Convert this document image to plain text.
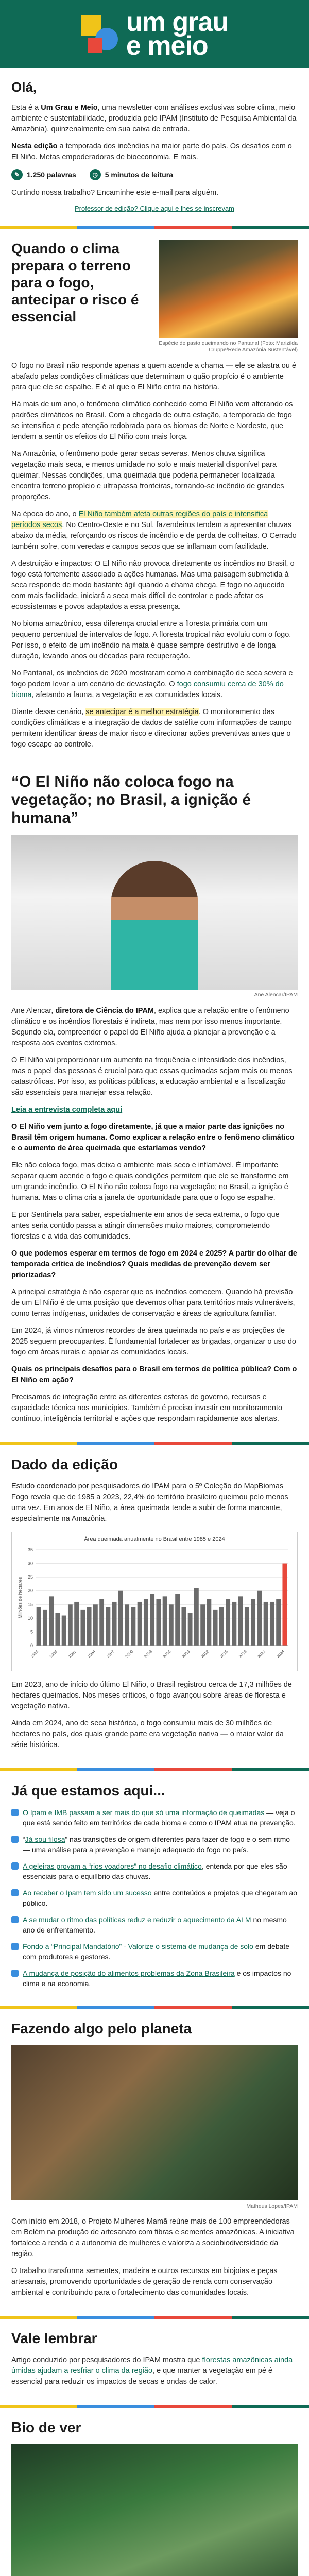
um grau
e meio
Olá,

Esta é a Um Grau e Meio, uma newsletter com análises exclusivas sobre clima, meio ambiente e sustentabilidade, produzida pelo IPAM (Instituto de Pesquisa Ambiental da Amazônia), quinzenalmente em sua caixa de entrada.

Nesta edição a temporada dos incêndios na maior parte do país. Os desafios com o El Niño. Metas empoderadoras de bioeconomia. E mais.

✎ 1.250 palavras	◷ 5 minutos de leitura

Curtindo nossa trabalho? Encaminhe este e-mail para alguém.

Professor de edição? Clique aqui e lhes se inscrevam
Quando o clima prepara o terreno para o fogo, antecipar o risco é essencial
Espécie de pasto queimando no Pantanal (Foto: Marizilda Cruppe/Rede Amazônia Sustentável)

O fogo no Brasil não responde apenas a quem acende a chama — ele se alastra ou é abafado pelas condições climáticas que determinam o quão propício é o ambiente para que ele se espalhe. E é aí que o El Niño entra na história.

Há mais de um ano, o fenômeno climático conhecido como El Niño vem alterando os padrões climáticos no Brasil. Com a chegada de outra estação, a temporada de fogo se intensifica e pede atenção redobrada para os biomas de Norte e Nordeste, que tendem a sentir os efeitos do El Niño com mais força.

Na Amazônia, o fenômeno pode gerar secas severas. Menos chuva significa vegetação mais seca, e menos umidade no solo e mais material disponível para queimar. Nessas condições, uma queimada que poderia permanecer localizada encontra terreno propício e ultrapassa fronteiras, tornando-se incêndio de grandes proporções.

Na época do ano, o El Niño também afeta outras regiões do país e intensifica períodos secos. No Centro-Oeste e no Sul, fazendeiros tendem a apresentar chuvas abaixo da média, reforçando os riscos de incêndio e de perda de colheitas. O Cerrado também sofre, com veredas e campos secos que se inflamam com facilidade.

A destruição e impactos: O El Niño não provoca diretamente os incêndios no Brasil, o fogo está fortemente associado a ações humanas. Mas uma paisagem submetida à seca responde de modo bastante ágil quando a chama chega. E fogo no aquecido com mais facilidade, iniciará a seca mais difícil de controlar e pode afetar os ecossistemas e povos adaptados a essa presença.

No bioma amazônico, essa diferença crucial entre a floresta primária com um pequeno percentual de intervalos de fogo. A floresta tropical não evoluiu com o fogo. Por isso, o efeito de um incêndio na mata é quase sempre destrutivo e de longa duração, levando anos ou décadas para recuperação.

No Pantanal, os incêndios de 2020 mostraram como a combinação de seca severa e fogo podem levar a um cenário de devastação. O fogo consumiu cerca de 30% do bioma, afetando a fauna, a vegetação e as comunidades locais.

Diante desse cenário, se antecipar é a melhor estratégia. O monitoramento das condições climáticas e a integração de dados de satélite com informações de campo permitem identificar áreas de maior risco e direcionar ações preventivas antes que o fogo escape ao controle.

“O El Niño não coloca fogo na vegetação; no Brasil, a ignição é humana”
Ane Alencar/IPAM

Ane Alencar, diretora de Ciência do IPAM, explica que a relação entre o fenômeno climático e os incêndios florestais é indireta, mas nem por isso menos importante. Segundo ela, compreender o papel do El Niño ajuda a planejar a prevenção e a resposta aos eventos extremos.

O El Niño vai proporcionar um aumento na frequência e intensidade dos incêndios, mas o papel das pessoas é crucial para que essas queimadas sejam mais ou menos catastróficas. Por isso, as políticas públicas, a educação ambiental e a fiscalização são essenciais para manejar essa relação.

Leia a entrevista completa aqui

O El Niño vem junto a fogo diretamente, já que a maior parte das ignições no Brasil têm origem humana. Como explicar a relação entre o fenômeno climático e o aumento de área queimada que estaríamos vendo?

Ele não coloca fogo, mas deixa o ambiente mais seco e inflamável. É importante separar quem acende o fogo e quais condições permitem que ele se transforme em um grande incêndio. O El Niño não coloca fogo na vegetação; no Brasil, a ignição é humana. Mas o clima cria a janela de oportunidade para que o fogo se espalhe.

E por Sentinela para saber, especialmente em anos de seca extrema, o fogo que antes seria contido passa a atingir dimensões muito maiores, comprometendo florestas e a vida das comunidades.

O que podemos esperar em termos de fogo em 2024 e 2025? A partir do olhar de temporada crítica de incêndios? Quais medidas de prevenção devem ser priorizadas?

A principal estratégia é não esperar que os incêndios comecem. Quando há previsão de um El Niño é de uma posição que devemos olhar para territórios mais vulneráveis, como terras indígenas, unidades de conservação e áreas de agricultura familiar.

Em 2024, já vimos números recordes de área queimada no país e as projeções de 2025 seguem preocupantes. É fundamental fortalecer as brigadas, organizar o uso do fogo em áreas rurais e apoiar as comunidades locais.

Quais os principais desafios para o Brasil em termos de política pública? Com o El Niño em ação?

Precisamos de integração entre as diferentes esferas de governo, recursos e capacidade técnica nos municípios. Também é preciso investir em monitoramento contínuo, inteligência territorial e ações que respondam rapidamente aos alertas.

Dado da edição

Estudo coordenado por pesquisadores do IPAM para o 5º Coleção do MapBiomas Fogo revela que de 1985 a 2023, 22,4% do território brasileiro queimou pelo menos uma vez. Em anos de El Niño, a área queimada tende a subir de forma marcante, especialmente na Amazônia.

Área queimada anualmente no Brasil entre 1985 e 2024
0
5
10
15
20
25
30
35
Milhões de hectares
1985 1988 1991 1994 1997 2000 2003 2006 2009 2012 2015 2018 2021 2024

Em 2023, ano de início do último El Niño, o Brasil registrou cerca de 17,3 milhões de hectares queimados. Nos meses críticos, o fogo avançou sobre áreas de floresta e vegetação nativa.

Ainda em 2024, ano de seca histórica, o fogo consumiu mais de 30 milhões de hectares no país, dos quais grande parte era vegetação nativa — o maior valor da série histórica.

Já que estamos aqui...
O Ipam e IMB passam a ser mais do que só uma informação de queimadas — veja o que está sendo feito em territórios de cada bioma e como o IPAM atua na prevenção.
“Já sou filosa” nas transições de origem diferentes para fazer de fogo e o sem ritmo — uma análise para a prevenção e manejo adequado do fogo no país.
A geleiras provam a “rios voadores” no desafio climático, entenda por que eles são essenciais para o equilíbrio das chuvas.
Ao receber o Ipam tem sido um sucesso entre conteúdos e projetos que chegaram ao público.
A se mudar o ritmo das políticas reduz e reduzir o aquecimento da ALM no mesmo ano de enfrentamento.
Fondo a “Principal Mandatório” - Valorize o sistema de mudança de solo em debate com produtores e gestores.
A mudança de posição do alimentos problemas da Zona Brasileira e os impactos no clima e na economia.
Fazendo algo pelo planeta
Matheus Lopes/IPAM

Com início em 2018, o Projeto Mulheres Mamã reúne mais de 100 empreendedoras em Belém na produção de artesanato com fibras e sementes amazônicas. A iniciativa fortalece a renda e a autonomia de mulheres e valoriza a sociobiodiversidade da região.

O trabalho transforma sementes, madeira e outros recursos em biojoias e peças artesanais, promovendo oportunidades de geração de renda com conservação ambiental e contribuindo para o fortalecimento das comunidades locais.

Vale lembrar

Artigo conduzido por pesquisadores do IPAM mostra que florestas amazônicas ainda úmidas ajudam a resfriar o clima da região, e que manter a vegetação em pé é essencial para reduzir os impactos de secas e ondas de calor.

Bio de ver
